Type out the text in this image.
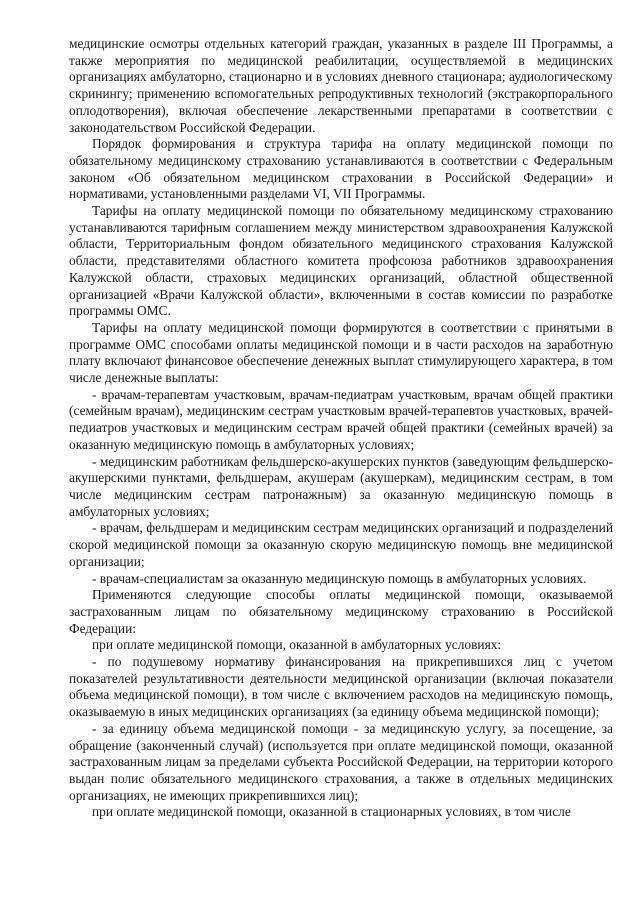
медицинские осмотры отдельных категорий граждан, указанных в разделе III Программы, а также мероприятия по медицинской реабилитации, осуществляемой в медицинских организациях амбулаторно, стационарно и в условиях дневного стационара; аудиологическому скринингу; применению вспомогательных репродуктивных технологий (экстракорпорального оплодотворения), включая обеспечение лекарственными препаратами в соответствии с законодательством Российской Федерации.

Порядок формирования и структура тарифа на оплату медицинской помощи по обязательному медицинскому страхованию устанавливаются в соответствии с Федеральным законом «Об обязательном медицинском страховании в Российской Федерации» и нормативами, установленными разделами VI, VII Программы.

Тарифы на оплату медицинской помощи по обязательному медицинскому страхованию устанавливаются тарифным соглашением между министерством здравоохранения Калужской области, Территориальным фондом обязательного медицинского страхования Калужской области, представителями областного комитета профсоюза работников здравоохранения Калужской области, страховых медицинских организаций, областной общественной организацией «Врачи Калужской области», включенными в состав комиссии по разработке программы ОМС.

Тарифы на оплату медицинской помощи формируются в соответствии с принятыми в программе ОМС способами оплаты медицинской помощи и в части расходов на заработную плату включают финансовое обеспечение денежных выплат стимулирующего характера, в том числе денежные выплаты:

- врачам-терапевтам участковым, врачам-педиатрам участковым, врачам общей практики (семейным врачам), медицинским сестрам участковым врачей-терапевтов участковых, врачей-педиатров участковых и медицинским сестрам врачей общей практики (семейных врачей) за оказанную медицинскую помощь в амбулаторных условиях;

- медицинским работникам фельдшерско-акушерских пунктов (заведующим фельдшерско-акушерскими пунктами, фельдшерам, акушерам (акушеркам), медицинским сестрам, в том числе медицинским сестрам патронажным) за оказанную медицинскую помощь в амбулаторных условиях;

- врачам, фельдшерам и медицинским сестрам медицинских организаций и подразделений скорой медицинской помощи за оказанную скорую медицинскую помощь вне медицинской организации;

- врачам-специалистам за оказанную медицинскую помощь в амбулаторных условиях.

Применяются следующие способы оплаты медицинской помощи, оказываемой застрахованным лицам по обязательному медицинскому страхованию в Российской Федерации:

при оплате медицинской помощи, оказанной в амбулаторных условиях:

- по подушевому нормативу финансирования на прикрепившихся лиц с учетом показателей результативности деятельности медицинской организации (включая показатели объема медицинской помощи), в том числе с включением расходов на медицинскую помощь, оказываемую в иных медицинских организациях (за единицу объема медицинской помощи);

- за единицу объема медицинской помощи - за медицинскую услугу, за посещение, за обращение (законченный случай) (используется при оплате медицинской помощи, оказанной застрахованным лицам за пределами субъекта Российской Федерации, на территории которого выдан полис обязательного медицинского страхования, а также в отдельных медицинских организациях, не имеющих прикрепившихся лиц);

при оплате медицинской помощи, оказанной в стационарных условиях, в том числе
